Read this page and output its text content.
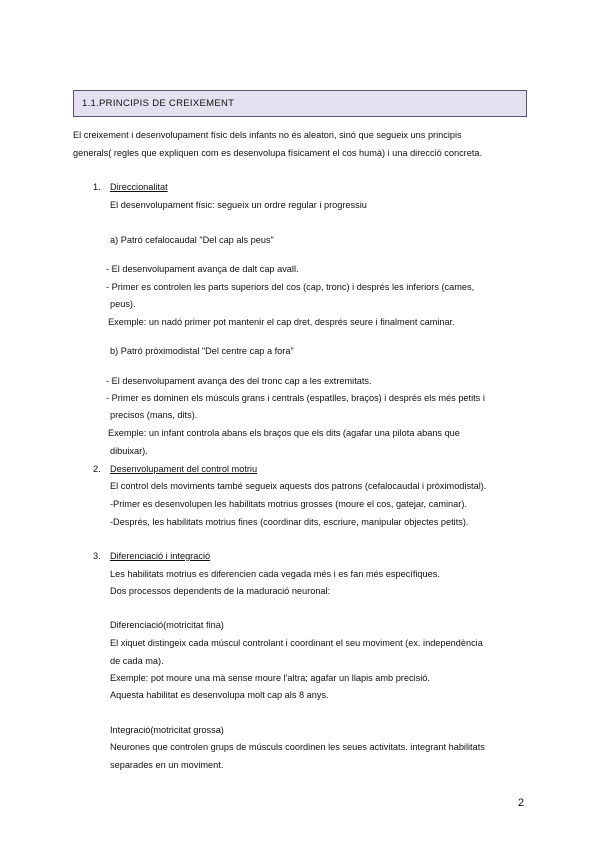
1.1.PRINCIPIS DE CREIXEMENT
El creixement i desenvolupament físic dels infants no és aleatori, sinó que segueix uns principis
generals( regles que expliquen com es desenvolupa físicament el cos humà) i una direcció concreta.
1. Direccionalitat
El desenvolupament físic: segueix un ordre regular i progressiu
a) Patró cefalocaudal "Del cap als peus"
- El desenvolupament avança de dalt cap avall.
- Primer es controlen les parts superiors del cos (cap, tronc) i després les inferiors (cames,
peus).
Exemple: un nadó primer pot mantenir el cap dret, després seure i finalment caminar.
b) Patró pròximodistal "Del centre cap a fora"
- El desenvolupament avança des del tronc cap a les extremitats.
- Primer es dominen els músculs grans i centrals (espatlles, braços) i després els més petits i
precisos (mans, dits).
Exemple: un infant controla abans els braços que els dits (agafar una pilota abans que
dibuixar).
2. Desenvolupament del control motriu
El control dels moviments també segueix aquests dos patrons (cefalocaudal i pròximodistal).
-Primer es desenvolupen les habilitats motrius grosses (moure el cos, gatejar, caminar).
-Després, les habilitats motrius fines (coordinar dits, escriure, manipular objectes petits).
3. Diferenciació i integració
Les habilitats motrius es diferencien cada vegada més i es fan més específiques.
Dos processos dependents de la maduració neuronal:
Diferenciació(motricitat fina)
El xiquet distingeix cada múscul controlant i coordinant el seu moviment (ex. independència
de cada ma).
Exemple: pot moure una mà sense moure l'altra; agafar un llapis amb precisió.
Aquesta habilitat es desenvolupa molt cap als 8 anys.
Integració(motricitat grossa)
Neurones que controlen grups de músculs coordinen les seues activitats. integrant habilitats
separades en un moviment.
2
